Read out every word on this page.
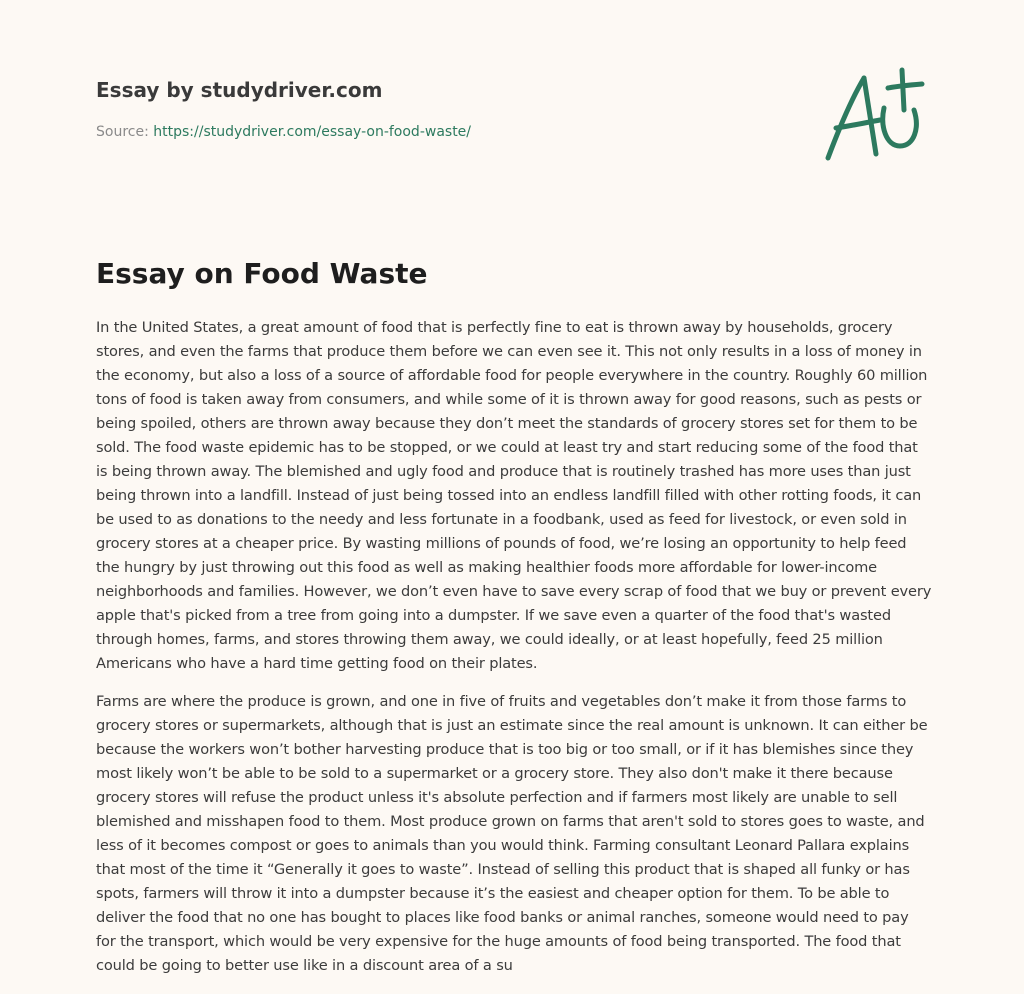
Essay by studydriver.com
Source: https://studydriver.com/essay-on-food-waste/
Essay on Food Waste

In the United States, a great amount of food that is perfectly fine to eat is thrown away by households, grocery stores, and even the farms that produce them before we can even see it. This not only results in a loss of money in the economy, but also a loss of a source of affordable food for people everywhere in the country. Roughly 60 million tons of food is taken away from consumers, and while some of it is thrown away for good reasons, such as pests or being spoiled, others are thrown away because they don’t meet the standards of grocery stores set for them to be sold. The food waste epidemic has to be stopped, or we could at least try and start reducing some of the food that is being thrown away. The blemished and ugly food and produce that is routinely trashed has more uses than just being thrown into a landfill. Instead of just being tossed into an endless landfill filled with other rotting foods, it can be used to as donations to the needy and less fortunate in a foodbank, used as feed for livestock, or even sold in grocery stores at a cheaper price. By wasting millions of pounds of food, we’re losing an opportunity to help feed the hungry by just throwing out this food as well as making healthier foods more affordable for lower-income neighborhoods and families. However, we don’t even have to save every scrap of food that we buy or prevent every apple that's picked from a tree from going into a dumpster. If we save even a quarter of the food that's wasted through homes, farms, and stores throwing them away, we could ideally, or at least hopefully, feed 25 million Americans who have a hard time getting food on their plates.

Farms are where the produce is grown, and one in five of fruits and vegetables don’t make it from those farms to grocery stores or supermarkets, although that is just an estimate since the real amount is unknown. It can either be because the workers won’t bother harvesting produce that is too big or too small, or if it has blemishes since they most likely won’t be able to be sold to a supermarket or a grocery store. They also don't make it there because grocery stores will refuse the product unless it's absolute perfection and if farmers most likely are unable to sell blemished and misshapen food to them. Most produce grown on farms that aren't sold to stores goes to waste, and less of it becomes compost or goes to animals than you would think. Farming consultant Leonard Pallara explains that most of the time it “Generally it goes to waste”. Instead of selling this product that is shaped all funky or has spots, farmers will throw it into a dumpster because it’s the easiest and cheaper option for them. To be able to deliver the food that no one has bought to places like food banks or animal ranches, someone would need to pay for the transport, which would be very expensive for the huge amounts of food being transported. The food that could be going to better use like in a discount area of a su
